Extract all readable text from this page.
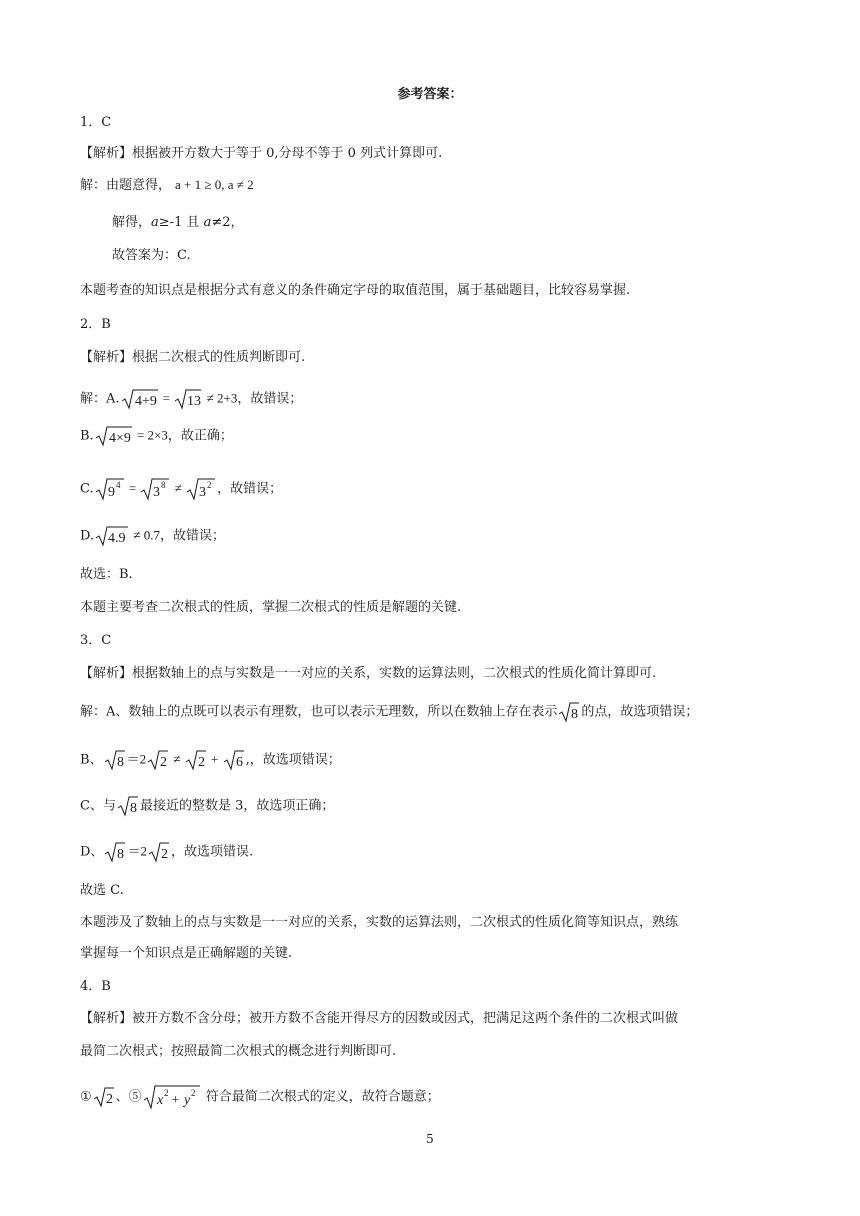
参考答案：
1．C
【解析】根据被开方数大于等于 0,分母不等于 0 列式计算即可.
解：由题意得， a + 1 ≥ 0, a ≠ 2
解得，a≥-1 且 a≠2，
故答案为：C.
本题考查的知识点是根据分式有意义的条件确定字母的取值范围，属于基础题目，比较容易掌握.
2．B
【解析】根据二次根式的性质判断即可.
解：A. 4+9 = 13 ≠ 2+3，故错误；
B. 4×9 = 2×3，故正确；
C. 9 4 = 3 8 ≠ 3 2 ，故错误；
D. 4.9 ≠ 0.7，故错误；
故选：B.
本题主要考查二次根式的性质，掌握二次根式的性质是解题的关键.
3．C
【解析】根据数轴上的点与实数是一一对应的关系，实数的运算法则，二次根式的性质化简计算即可.
解：A、数轴上的点既可以表示有理数，也可以表示无理数，所以在数轴上存在表示 8 的点，故选项错误；
B、 8 ＝2 2 ≠ 2 + 6 ,，故选项错误；
C、与 8 最接近的整数是 3，故选项正确；
D、 8 ＝2 2 ，故选项错误.
故选 C.
本题涉及了数轴上的点与实数是一一对应的关系，实数的运算法则，二次根式的性质化简等知识点，熟练
掌握每一个知识点是正确解题的关键.
4．B
【解析】被开方数不含分母；被开方数不含能开得尽方的因数或因式，把满足这两个条件的二次根式叫做
最简二次根式；按照最简二次根式的概念进行判断即可.
① 2 、⑤ x 2 + y 2 符合最简二次根式的定义，故符合题意；
5
